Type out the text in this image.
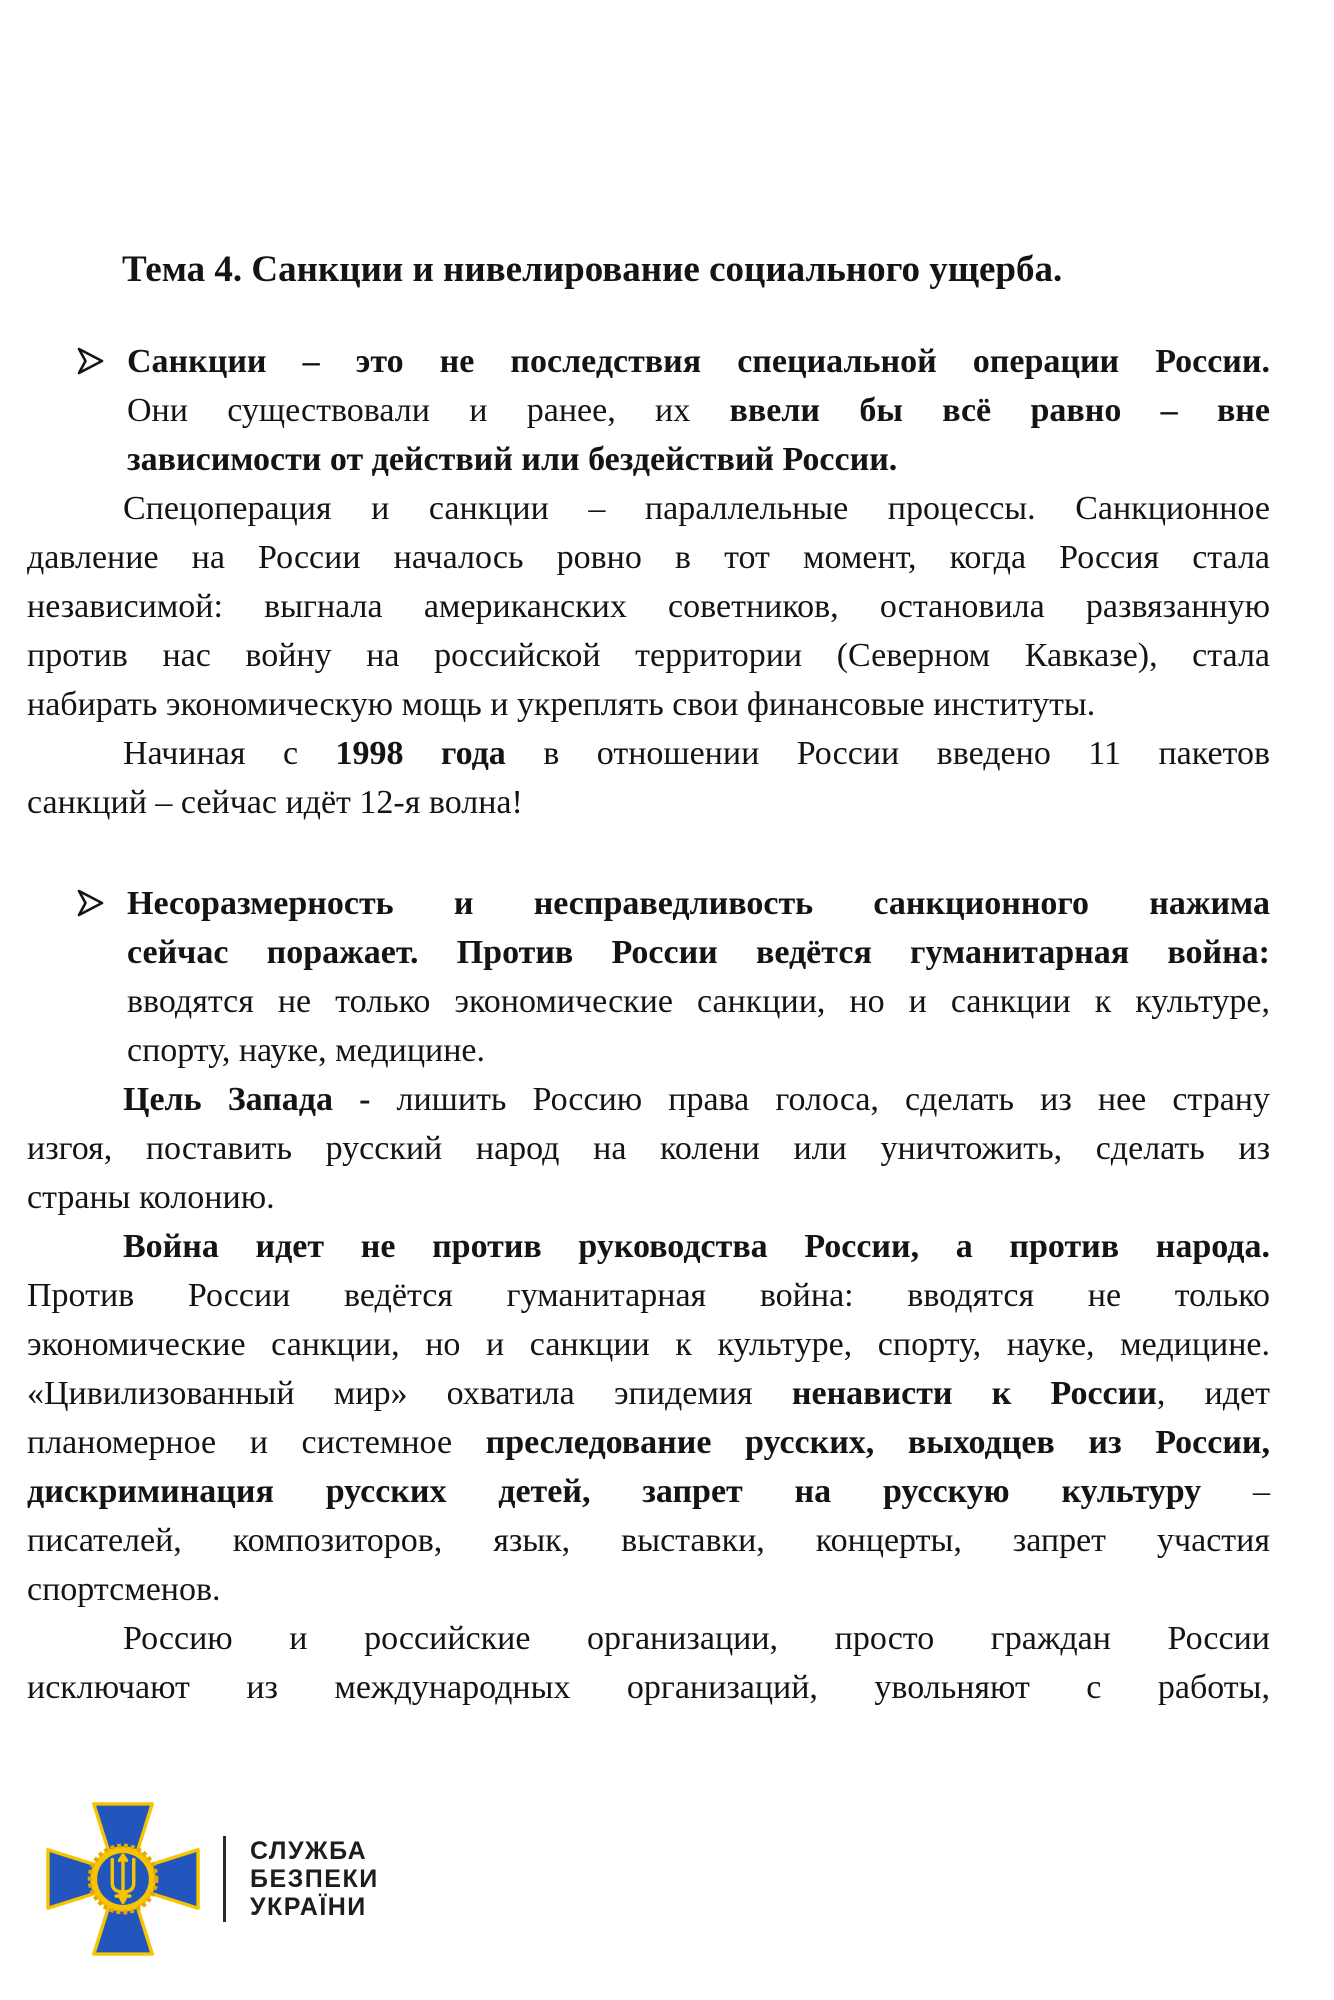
Тема 4. Санкции и нивелирование социального ущерба.
Санкции – это не последствия специальной операции России.
Они существовали и ранее, их ввели бы всё равно – вне
зависимости от действий или бездействий России.
Спецоперация и санкции – параллельные процессы. Санкционное
давление на России началось ровно в тот момент, когда Россия стала
независимой: выгнала американских советников, остановила развязанную
против нас войну на российской территории (Северном Кавказе), стала
набирать экономическую мощь и укреплять свои финансовые институты.
Начиная с 1998 года в отношении России введено 11 пакетов
санкций – сейчас идёт 12-я волна!
Несоразмерность и несправедливость санкционного нажима
сейчас поражает. Против России ведётся гуманитарная война:
вводятся не только экономические санкции, но и санкции к культуре,
спорту, науке, медицине.
Цель Запада - лишить Россию права голоса, сделать из нее страну
изгоя, поставить русский народ на колени или уничтожить, сделать из
страны колонию.
Война идет не против руководства России, а против народа.
Против России ведётся гуманитарная война: вводятся не только
экономические санкции, но и санкции к культуре, спорту, науке, медицине.
«Цивилизованный мир» охватила эпидемия ненависти к России, идет
планомерное и системное преследование русских, выходцев из России,
дискриминация русских детей, запрет на русскую культуру –
писателей, композиторов, язык, выставки, концерты, запрет участия
спортсменов.
Россию и российские организации, просто граждан России
исключают из международных организаций, увольняют с работы,
СЛУЖБА
БЕЗПЕКИ
УКРАЇНИ
